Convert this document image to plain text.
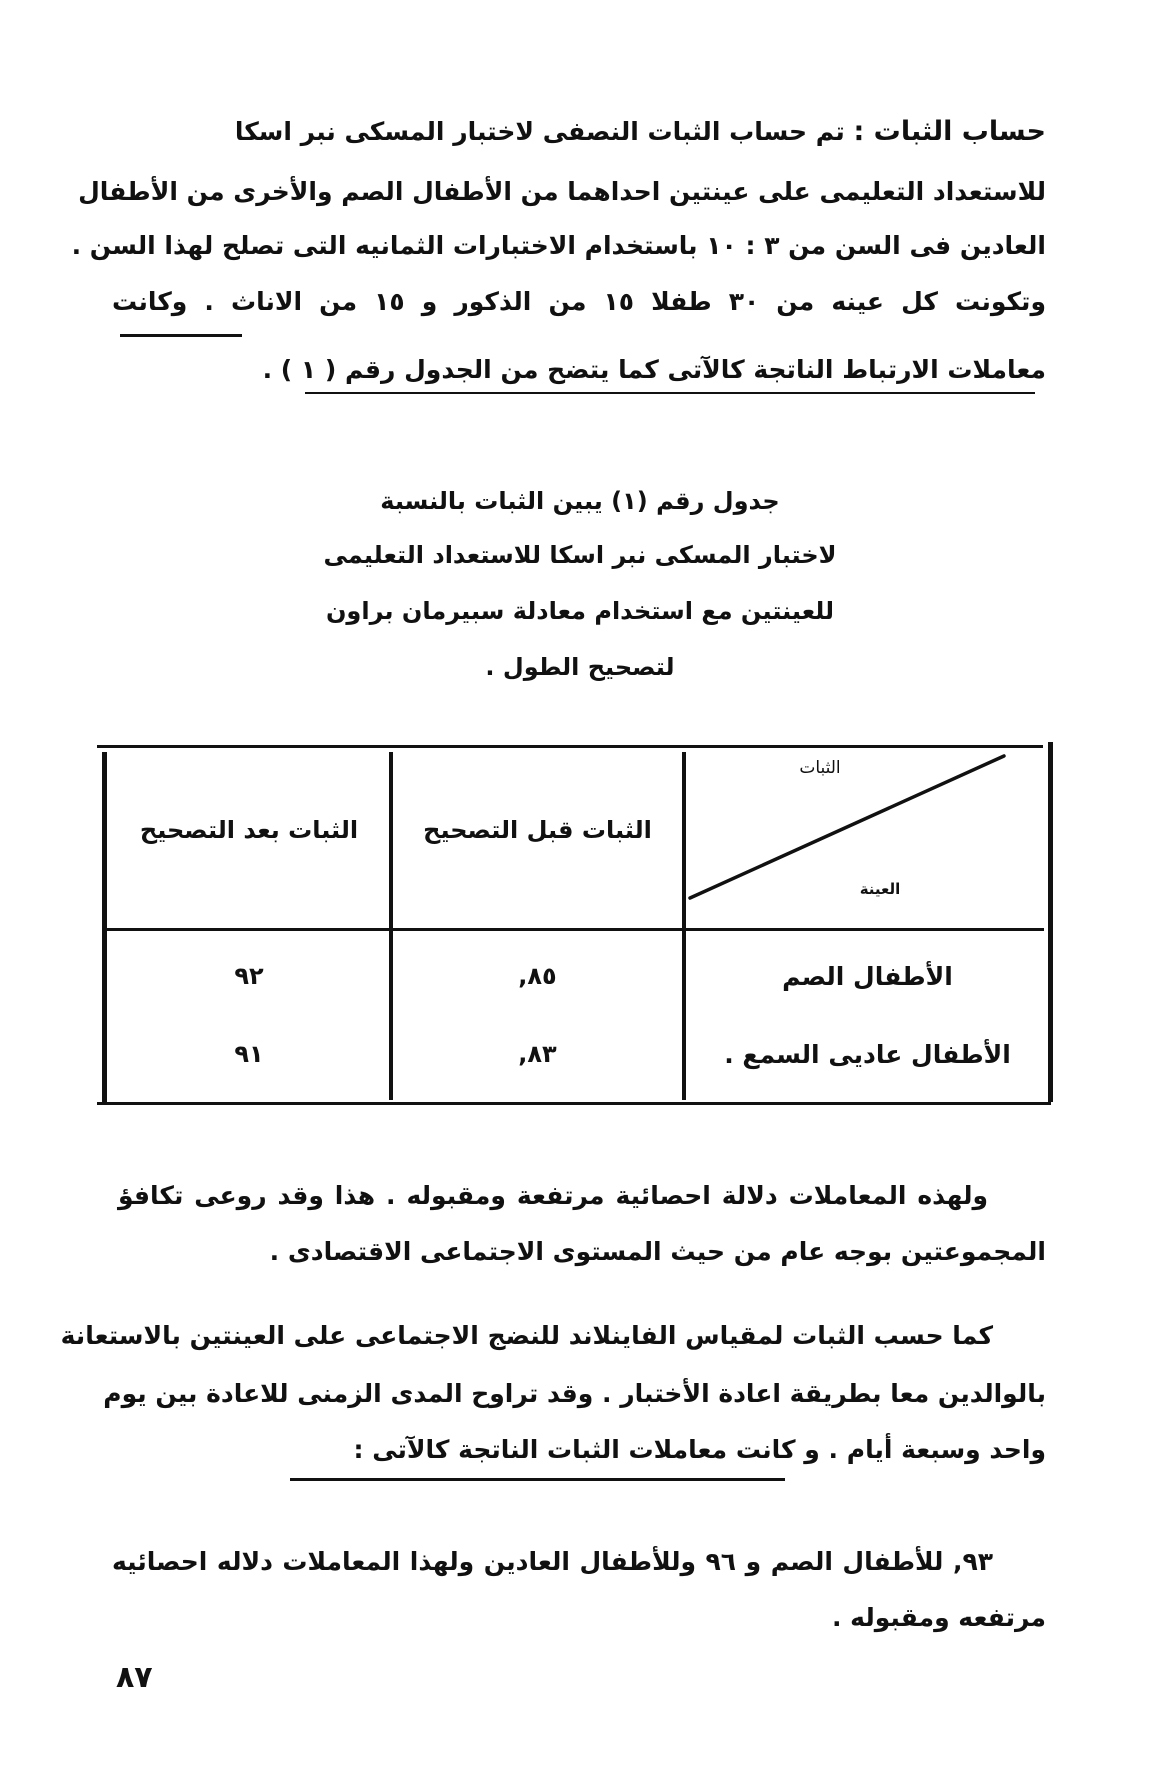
حساب الثبات : تم حساب الثبات النصفى لاختبار المسكى نبر اسكا
للاستعداد التعليمى على عينتين احداهما من الأطفال الصم والأخرى من الأطفال
العادين فى السن من ٣ : ١٠ باستخدام الاختبارات الثمانيه التى تصلح لهذا السن .
وتكونت كل عينه من ٣٠ طفلا ١٥ من الذكور و ١٥ من الاناث . وكانت
معاملات الارتباط الناتجة كالآتى كما يتضح من الجدول رقم ( ١ ) .
جدول رقم (١) يبين الثبات بالنسبة
لاختبار المسكى نبر اسكا للاستعداد التعليمى
للعينتين مع استخدام معادلة سبيرمان براون
لتصحيح الطول .
الثبات
العينة
الثبات قبل التصحيح
الثبات بعد التصحيح
الأطفال الصم
٨٥,
٩٢
الأطفال عاديى السمع .
٨٣,
٩١
ولهذه المعاملات دلالة احصائية مرتفعة ومقبوله . هذا وقد روعى تكافؤ
المجموعتين بوجه عام من حيث المستوى الاجتماعى الاقتصادى .
كما حسب الثبات لمقياس الفاينلاند للنضج الاجتماعى على العينتين بالاستعانة
بالوالدين معا بطريقة اعادة الأختبار . وقد تراوح المدى الزمنى للاعادة بين يوم
واحد وسبعة أيام . و كانت معاملات الثبات الناتجة كالآتى :
٩٣, للأطفال الصم و ٩٦ وللأطفال العادين ولهذا المعاملات دلاله احصائيه
مرتفعه ومقبوله .
٨٧
